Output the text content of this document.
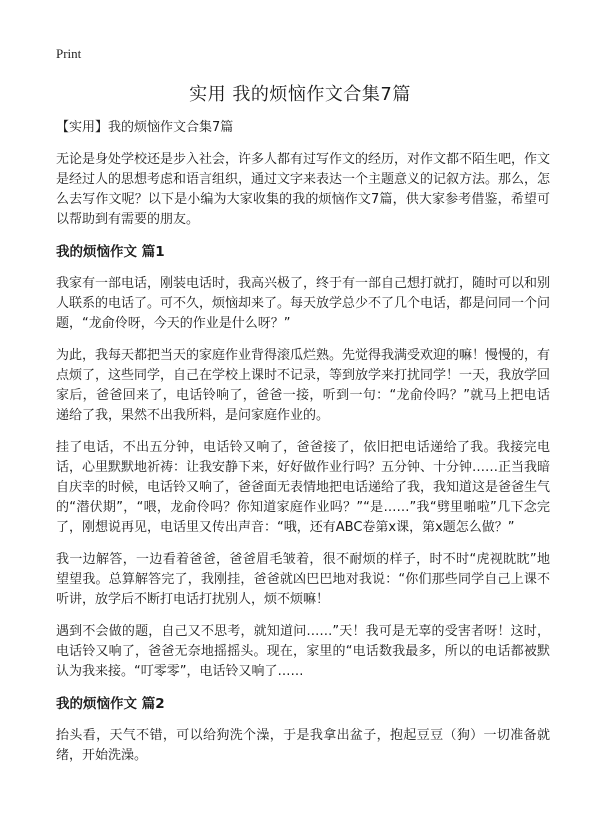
Print
实用 我的烦恼作文合集7篇

【实用】我的烦恼作文合集7篇

无论是身处学校还是步入社会，许多人都有过写作文的经历，对作文都不陌生吧，作文是经过人的思想考虑和语言组织，通过文字来表达一个主题意义的记叙方法。那么，怎么去写作文呢？以下是小编为大家收集的我的烦恼作文7篇，供大家参考借鉴，希望可以帮助到有需要的朋友。

我的烦恼作文 篇1

我家有一部电话，刚装电话时，我高兴极了，终于有一部自己想打就打，随时可以和别人联系的电话了。可不久，烦恼却来了。每天放学总少不了几个电话，都是问同一个问题，“龙俞伶呀，今天的作业是什么呀？”

为此，我每天都把当天的家庭作业背得滚瓜烂熟。先觉得我满受欢迎的嘛！慢慢的，有点烦了，这些同学，自己在学校上课时不记录，等到放学来打扰同学！一天，我放学回家后，爸爸回来了，电话铃响了，爸爸一接，听到一句：“龙俞伶吗？”就马上把电话递给了我，果然不出我所料，是问家庭作业的。

挂了电话，不出五分钟，电话铃又响了，爸爸接了，依旧把电话递给了我。我接完电话，心里默默地祈祷：让我安静下来，好好做作业行吗？五分钟、十分钟……正当我暗自庆幸的时候，电话铃又响了，爸爸面无表情地把电话递给了我，我知道这是爸爸生气的“潜伏期”，“喂，龙俞伶吗？你知道家庭作业吗？”“是……”我“劈里啪啦”几下念完了，刚想说再见，电话里又传出声音：“哦，还有ABC卷第x课，第x题怎么做？”

我一边解答，一边看着爸爸，爸爸眉毛皱着，很不耐烦的样子，时不时“虎视眈眈”地望望我。总算解答完了，我刚挂，爸爸就凶巴巴地对我说：“你们那些同学自己上课不听讲，放学后不断打电话打扰别人，烦不烦嘛！

遇到不会做的题，自己又不思考，就知道问……”天！我可是无辜的受害者呀！这时，电话铃又响了，爸爸无奈地摇摇头。现在，家里的“电话数我最多，所以的电话都被默认为我来接。“叮零零”，电话铃又响了……

我的烦恼作文 篇2

抬头看，天气不错，可以给狗洗个澡，于是我拿出盆子，抱起豆豆（狗）一切准备就绪，开始洗澡。
